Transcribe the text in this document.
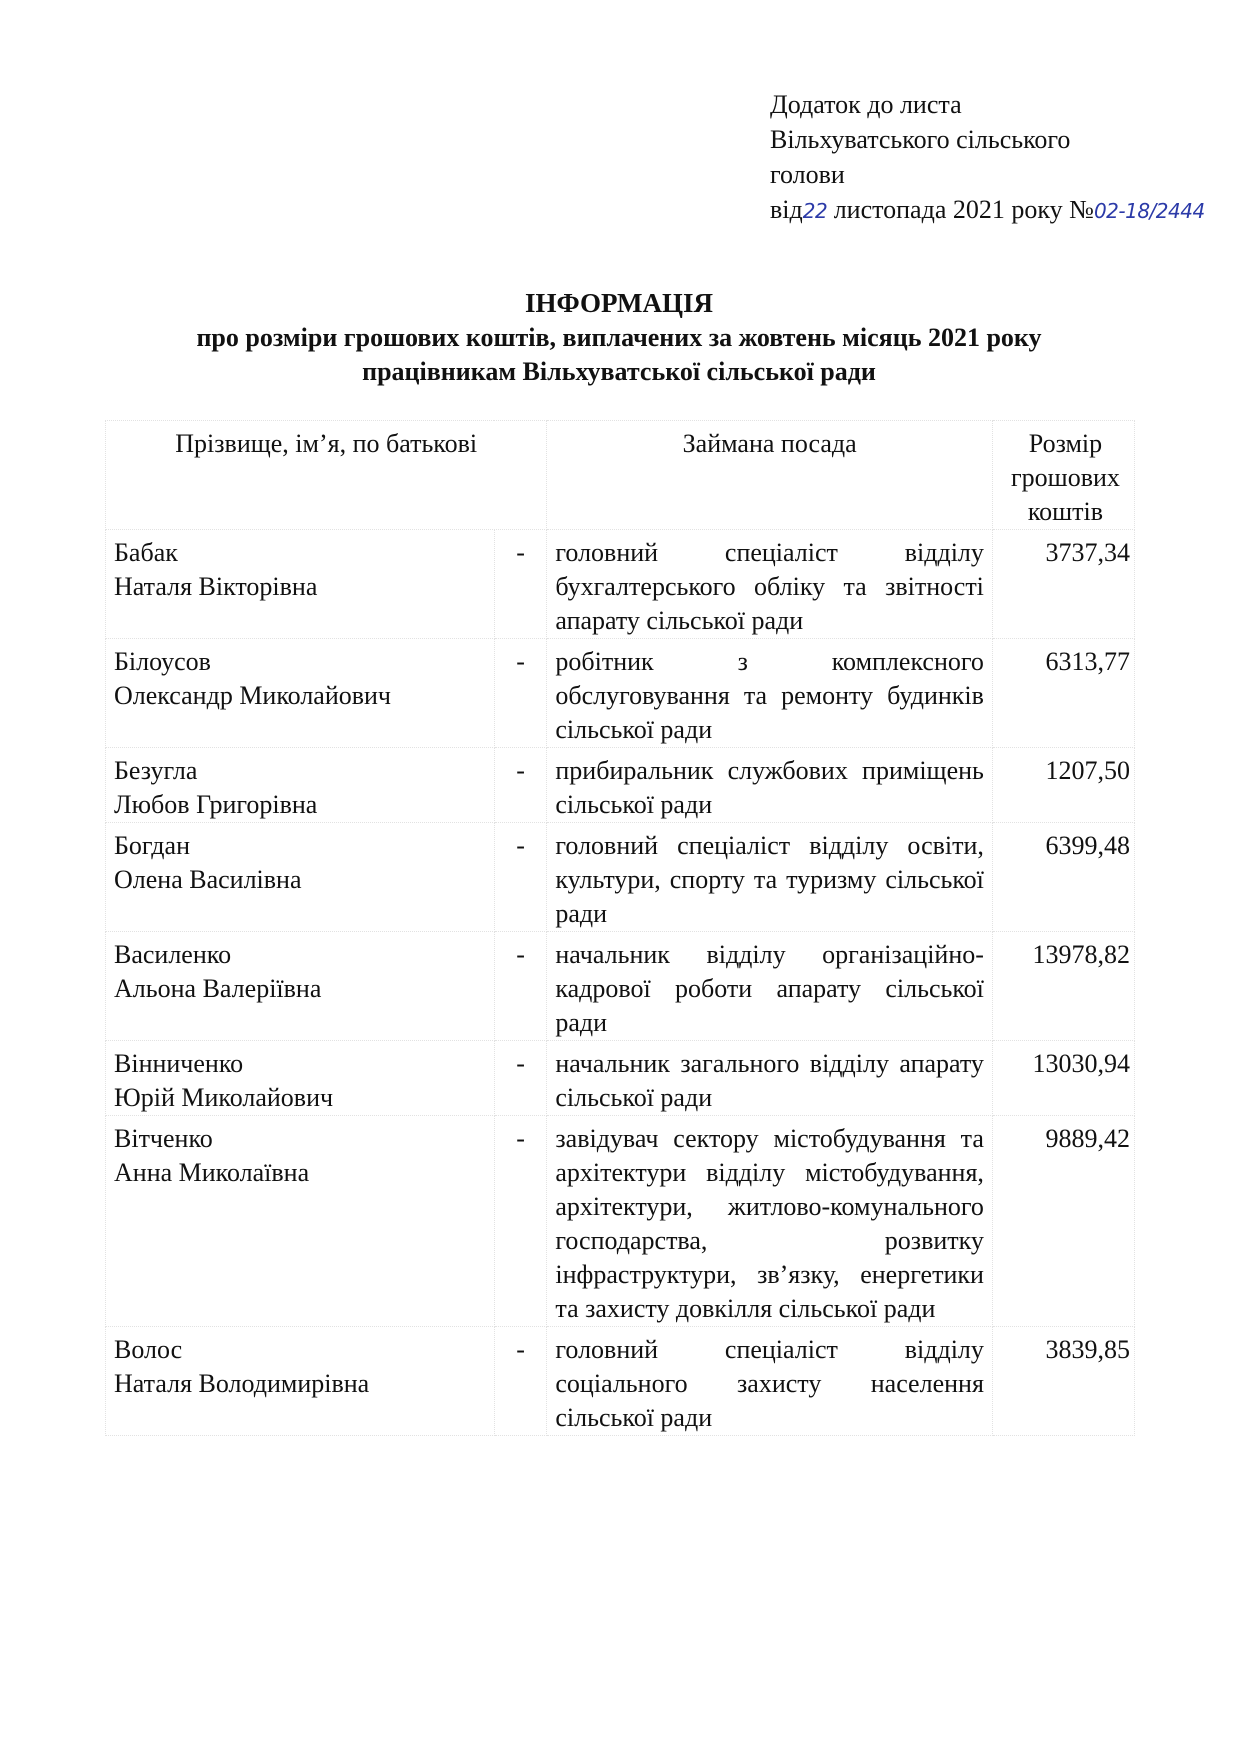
Додаток до листа
Вільхуватського сільського
голови
від22 листопада 2021 року №02-18/2444
ІНФОРМАЦІЯ
про розміри грошових коштів, виплачених за жовтень місяць 2021 року
працівникам Вільхуватської сільської ради
Прізвище, ім’я, по батькові		Займана посада	Розмір грошових коштів

Бабак
Наталя Вікторівна	-	головний спеціаліст відділу бухгалтерського обліку та звітності апарату сільської ради	3737,34

Білоусов
Олександр Миколайович	-	робітник з комплексного обслуговування та ремонту будинків сільської ради	6313,77

Безугла
Любов Григорівна	-	прибиральник службових приміщень сільської ради	1207,50

Богдан
Олена Василівна	-	головний спеціаліст відділу освіти, культури, спорту та туризму сільської ради	6399,48

Василенко
Альона Валеріївна	-	начальник відділу організаційно-кадрової роботи апарату сільської ради	13978,82

Вінниченко
Юрій Миколайович	-	начальник загального відділу апарату сільської ради	13030,94

Вітченко
Анна Миколаївна	-	завідувач сектору містобудування та архітектури відділу містобудування, архітектури, житлово-комунального господарства, розвитку інфраструктури, зв’язку, енергетики та захисту довкілля сільської ради	9889,42

Волос
Наталя Володимирівна	-	головний спеціаліст відділу соціального захисту населення сільської ради	3839,85
